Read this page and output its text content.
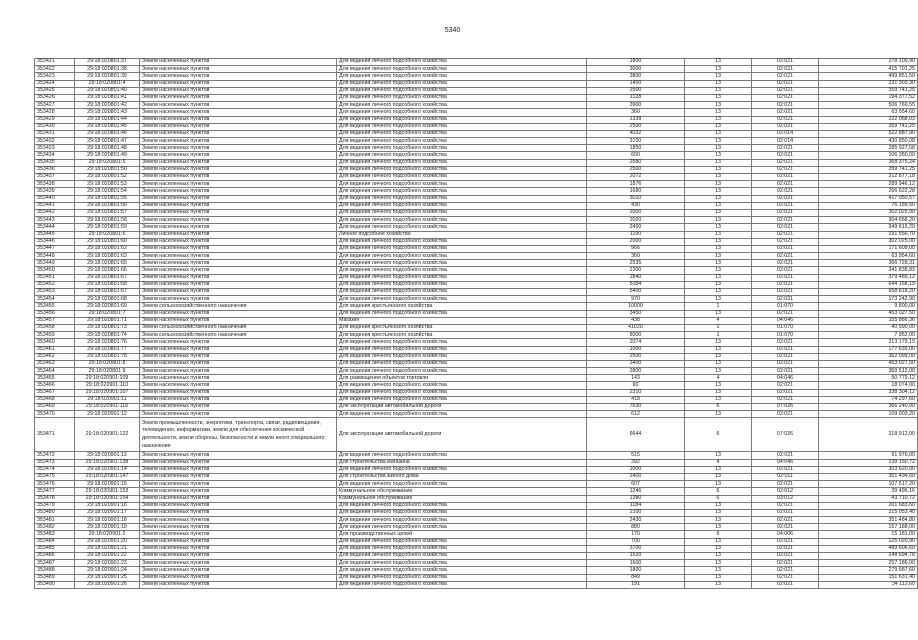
5340
353421	29:18:020801:37	Земли населенных пунктов	Для ведения личного подсобного хозяйства	1800	13	02:021	278 109,90
353422	29:18:020801:38	Земли населенных пунктов	Для ведения личного подсобного хозяйства	3000	13	02:021	415 701,25
353423	29:18:020801:39	Земли населенных пунктов	Для ведения личного подсобного хозяйства	3800	13	02:021	499 851,50
353424	29:18:020801:4	Земли населенных пунктов	Для ведения личного подсобного хозяйства	1400	13	02:021	231 303,30
353425	29:18:020801:40	Земли населенных пунктов	Для ведения личного подсобного хозяйства	2500	13	02:021	359 741,25
353426	29:18:020801:41	Земли населенных пунктов	Для ведения личного подсобного хозяйства	1128	13	02:021	194 377,52
353427	29:18:020801:42	Земли населенных пунктов	Для ведения личного подсобного хозяйства	3900	13	02:021	506 769,55
353428	29:18:020801:43	Земли населенных пунктов	Для ведения личного подсобного хозяйства	360	13	02:021	63 954,60
353429	29:18:020801:44	Земли населенных пунктов	Для ведения личного подсобного хозяйства	1339	13	02:021	222 058,03
353430	29:18:020801:45	Земли населенных пунктов	Для ведения личного подсобного хозяйства	2500	13	02:021	359 741,25
353431	29:18:020801:46	Земли населенных пунктов	Для ведения личного подсобного хозяйства	4032	13	02:014	522 887,90
353432	29:18:020801:47	Земли населенных пунктов	Для ведения личного подсобного хозяйства	3150	13	02:014	430 850,08
353433	29:18:020801:48	Земли населенных пунктов	Для ведения личного подсобного хозяйства	1850	13	02:021	285 927,58
353434	29:18:020801:49	Земли населенных пунктов	Для ведения личного подсобного хозяйства	600	13	02:021	106 350,00
353435	29:18:020801:5	Земли населенных пунктов	Для ведения личного подсобного хозяйства	2580	13	02:021	368 375,24
353436	29:18:020801:50	Земли населенных пунктов	Для ведения личного подсобного хозяйства	2500	13	02:021	359 741,25
353437	29:18:020801:52	Земли населенных пунктов	Для ведения личного подсобного хозяйства	2072	13	02:021	312 877,18
353438	29:18:020801:53	Земли населенных пунктов	Для ведения личного подсобного хозяйства	1876	13	02:021	289 946,12
353439	29:18:020801:54	Земли населенных пунктов	Для ведения личного подсобного хозяйства	1680	13	02:021	266 622,28
353440	29:18:020801:55	Земли населенных пунктов	Для ведения личного подсобного хозяйства	3010	13	02:021	417 050,57
353441	29:18:020801:56	Земли населенных пунктов	Для ведения личного подсобного хозяйства	430	13	02:021	76 189,50
353442	29:18:020801:57	Земли населенных пунктов	Для ведения личного подсобного хозяйства	2000	13	02:021	302 025,00
353443	29:18:020801:58	Земли населенных пунктов	Для ведения личного подсобного хозяйства	2020	13	02:021	304 658,20
353444	29:18:020801:59	Земли населенных пунктов	Для ведения личного подсобного хозяйства	2400	13	02:021	349 615,20
353445	29:18:020801:6	Земли населенных пунктов	Личное подсобное хозяйство	1190	13	02:021	191 556,70
353446	29:18:020801:60	Земли населенных пунктов	Для ведения личного подсобного хозяйства	2000	13	02:021	302 025,00
353447	29:18:020801:62	Земли населенных пунктов	Для ведения личного подсобного хозяйства	966	13	02:021	171 609,00
353448	29:18:020801:63	Земли населенных пунктов	Для ведения личного подсобного хозяйства	360	13	02:021	63 954,60
353449	29:18:020801:65	Земли населенных пунктов	Для ведения личного подсобного хозяйства	2535	13	02:021	366 728,31
353450	29:18:020801:66	Земли населенных пунктов	Для ведения личного подсобного хозяйства	2300	13	02:021	341 838,83
353451	29:18:020801:67	Земли населенных пунктов	Для ведения личного подсобного хозяйства	2840	13	02:021	379 489,12
353452	29:18:020801:68	Земли населенных пунктов	Для ведения личного подсобного хозяйства	5384	13	02:021	644 168,19
353453	29:18:020801:67	Земли населенных пунктов	Для ведения личного подсобного хозяйства	5400	13	02:021	658 818,20
353454	29:18:020801:68	Земли населенных пунктов	Для ведения личного подсобного хозяйства	970	13	02:021	173 242,90
353455	29:18:020801:69	Земли сельскохозяйственного назначения	Для ведения крестьянского хозяйства	10000	1	01:070	9 800,00
353456	29:18:020801:7	Земли населенных пунктов	Для ведения личного подсобного хозяйства	3450	13	02:021	453 027,50
353457	29:18:020801:71	Земли населенных пунктов	Магазин	438	4	04:046	155 886,36
353458	29:18:020801:73	Земли сельскохозяйственного назначения	Для ведения крестьянского хозяйства	41020	1	01:070	40 590,00
353459	29:18:020801:74	Земли сельскохозяйственного назначения	Для ведения крестьянского хозяйства	8000	1	01:070	7 952,00
353460	29:18:020801:76	Земли населенных пунктов	Для ведения личного подсобного хозяйства	2074	13	02:021	313 179,19
353461	29:18:020801:77	Земли населенных пунктов	Для ведения личного подсобного хозяйства	1000	13	02:021	177 635,00
353462	29:18:020801:78	Земли населенных пунктов	Для ведения личного подсобного хозяйства	2500	13	02:021	362 099,00
353463	29:18:020801:8	Земли населенных пунктов	Для ведения личного подсобного хозяйства	3400	13	02:021	453 027,50
353464	29:18:020801:9	Земли населенных пунктов	Для ведения личного подсобного хозяйства	2800	13	02:021	369 512,00
353465	29:18:020901:109	Земли населенных пунктов	Для размещения объектов торговли	143	4	04:046	50 779,12
353466	29:18:020901:110	Земли населенных пунктов	Для ведения личного подсобного хозяйства	90	13	02:021	18 074,00
353467	29:18:020901:107	Земли населенных пунктов	Для ведения личного подсобного хозяйства	2310	13	02:021	338 304,12
353468	29:18:020901:11	Земли населенных пунктов	Для ведения личного подсобного хозяйства	418	13	02:021	74 297,60
353469	29:18:020901:116	Земли населенных пунктов	Для эксплуатации автомобильной дороги	7630	6	07:026	366 240,00
353470	29:18:020901:12	Земли населенных пунктов	Для ведения личного подсобного хозяйства	612	13	02:021	109 003,20
353471	29:18:020901:122	Земли промышленности, энергетики, транспорта, связи, радиовещания, телевидения, информатики, земли для обеспечения космической деятельности, земли обороны, безопасности и земли иного специального назначения	Для эксплуатации автомобильной дороги	6644	6	07:026	318 912,00
353472	29:18:020901:13	Земли населенных пунктов	Для ведения личного подсобного хозяйства	515	13	02:021	91 976,00
353473	29:18:020901:138	Земли населенных пунктов	Для строительства магазина	392	4	04:046	139 150,72
353474	29:18:020901:14	Земли населенных пунктов	Для ведения личного подсобного хозяйства	2000	13	02:021	303 620,00
353475	29:18:020901:147	Земли населенных пунктов	Для строительства жилого дома	2400	13	02:011	351 494,60
353476	29:18:020901:15	Земли населенных пунктов	Для ведения личного подсобного хозяйства	607	13	02:021	107 517,20
353477	29:18:020901:153	Земли населенных пунктов	Коммунальное обслуживание	1246	6	02:012	39 496,16
353478	29:18:020901:154	Земли населенных пунктов	Коммунальное обслуживание	1380	6	03:012	43 710,72
353479	29:18:020901:16	Земли населенных пунктов	Для ведения личного подсобного хозяйства	1184	13	02:021	201 683,60
353480	29:18:020901:17	Земли населенных пунктов	Для ведения личного подсобного хозяйства	2100	13	02:021	315 053,40
353481	29:18:020901:18	Земли населенных пунктов	Для ведения личного подсобного хозяйства	2430	13	02:021	351 484,80
353482	29:18:020901:19	Земли населенных пунктов	Для ведения личного подсобного хозяйства	880	13	02:021	157 188,00
353483	29:18:020901:2	Земли населенных пунктов	Для производственных целей	170	6	04:006	15 181,00
353484	29:18:020901:20	Земли населенных пунктов	Для ведения личного подсобного хозяйства	700	13	02:021	125 020,90
353485	29:18:020901:21	Земли населенных пунктов	Для ведения личного подсобного хозяйства	3700	13	02:021	489 606,60
353486	29:18:020901:22	Земли населенных пунктов	Для ведения личного подсобного хозяйства	1520	13	02:021	248 694,78
353487	29:18:020901:23	Земли населенных пунктов	Для ведения личного подсобного хозяйства	1600	13	02:021	257 186,00
353488	29:18:020901:24	Земли населенных пунктов	Для ведения личного подсобного хозяйства	1800	13	02:021	279 687,60
353489	29:18:020901:25	Земли населенных пунктов	Для ведения личного подсобного хозяйства	849	13	02:021	151 631,40
353490	29:18:020901:26	Земли населенных пунктов	Для ведения личного подсобного хозяйства	191	13	02:021	34 112,60
